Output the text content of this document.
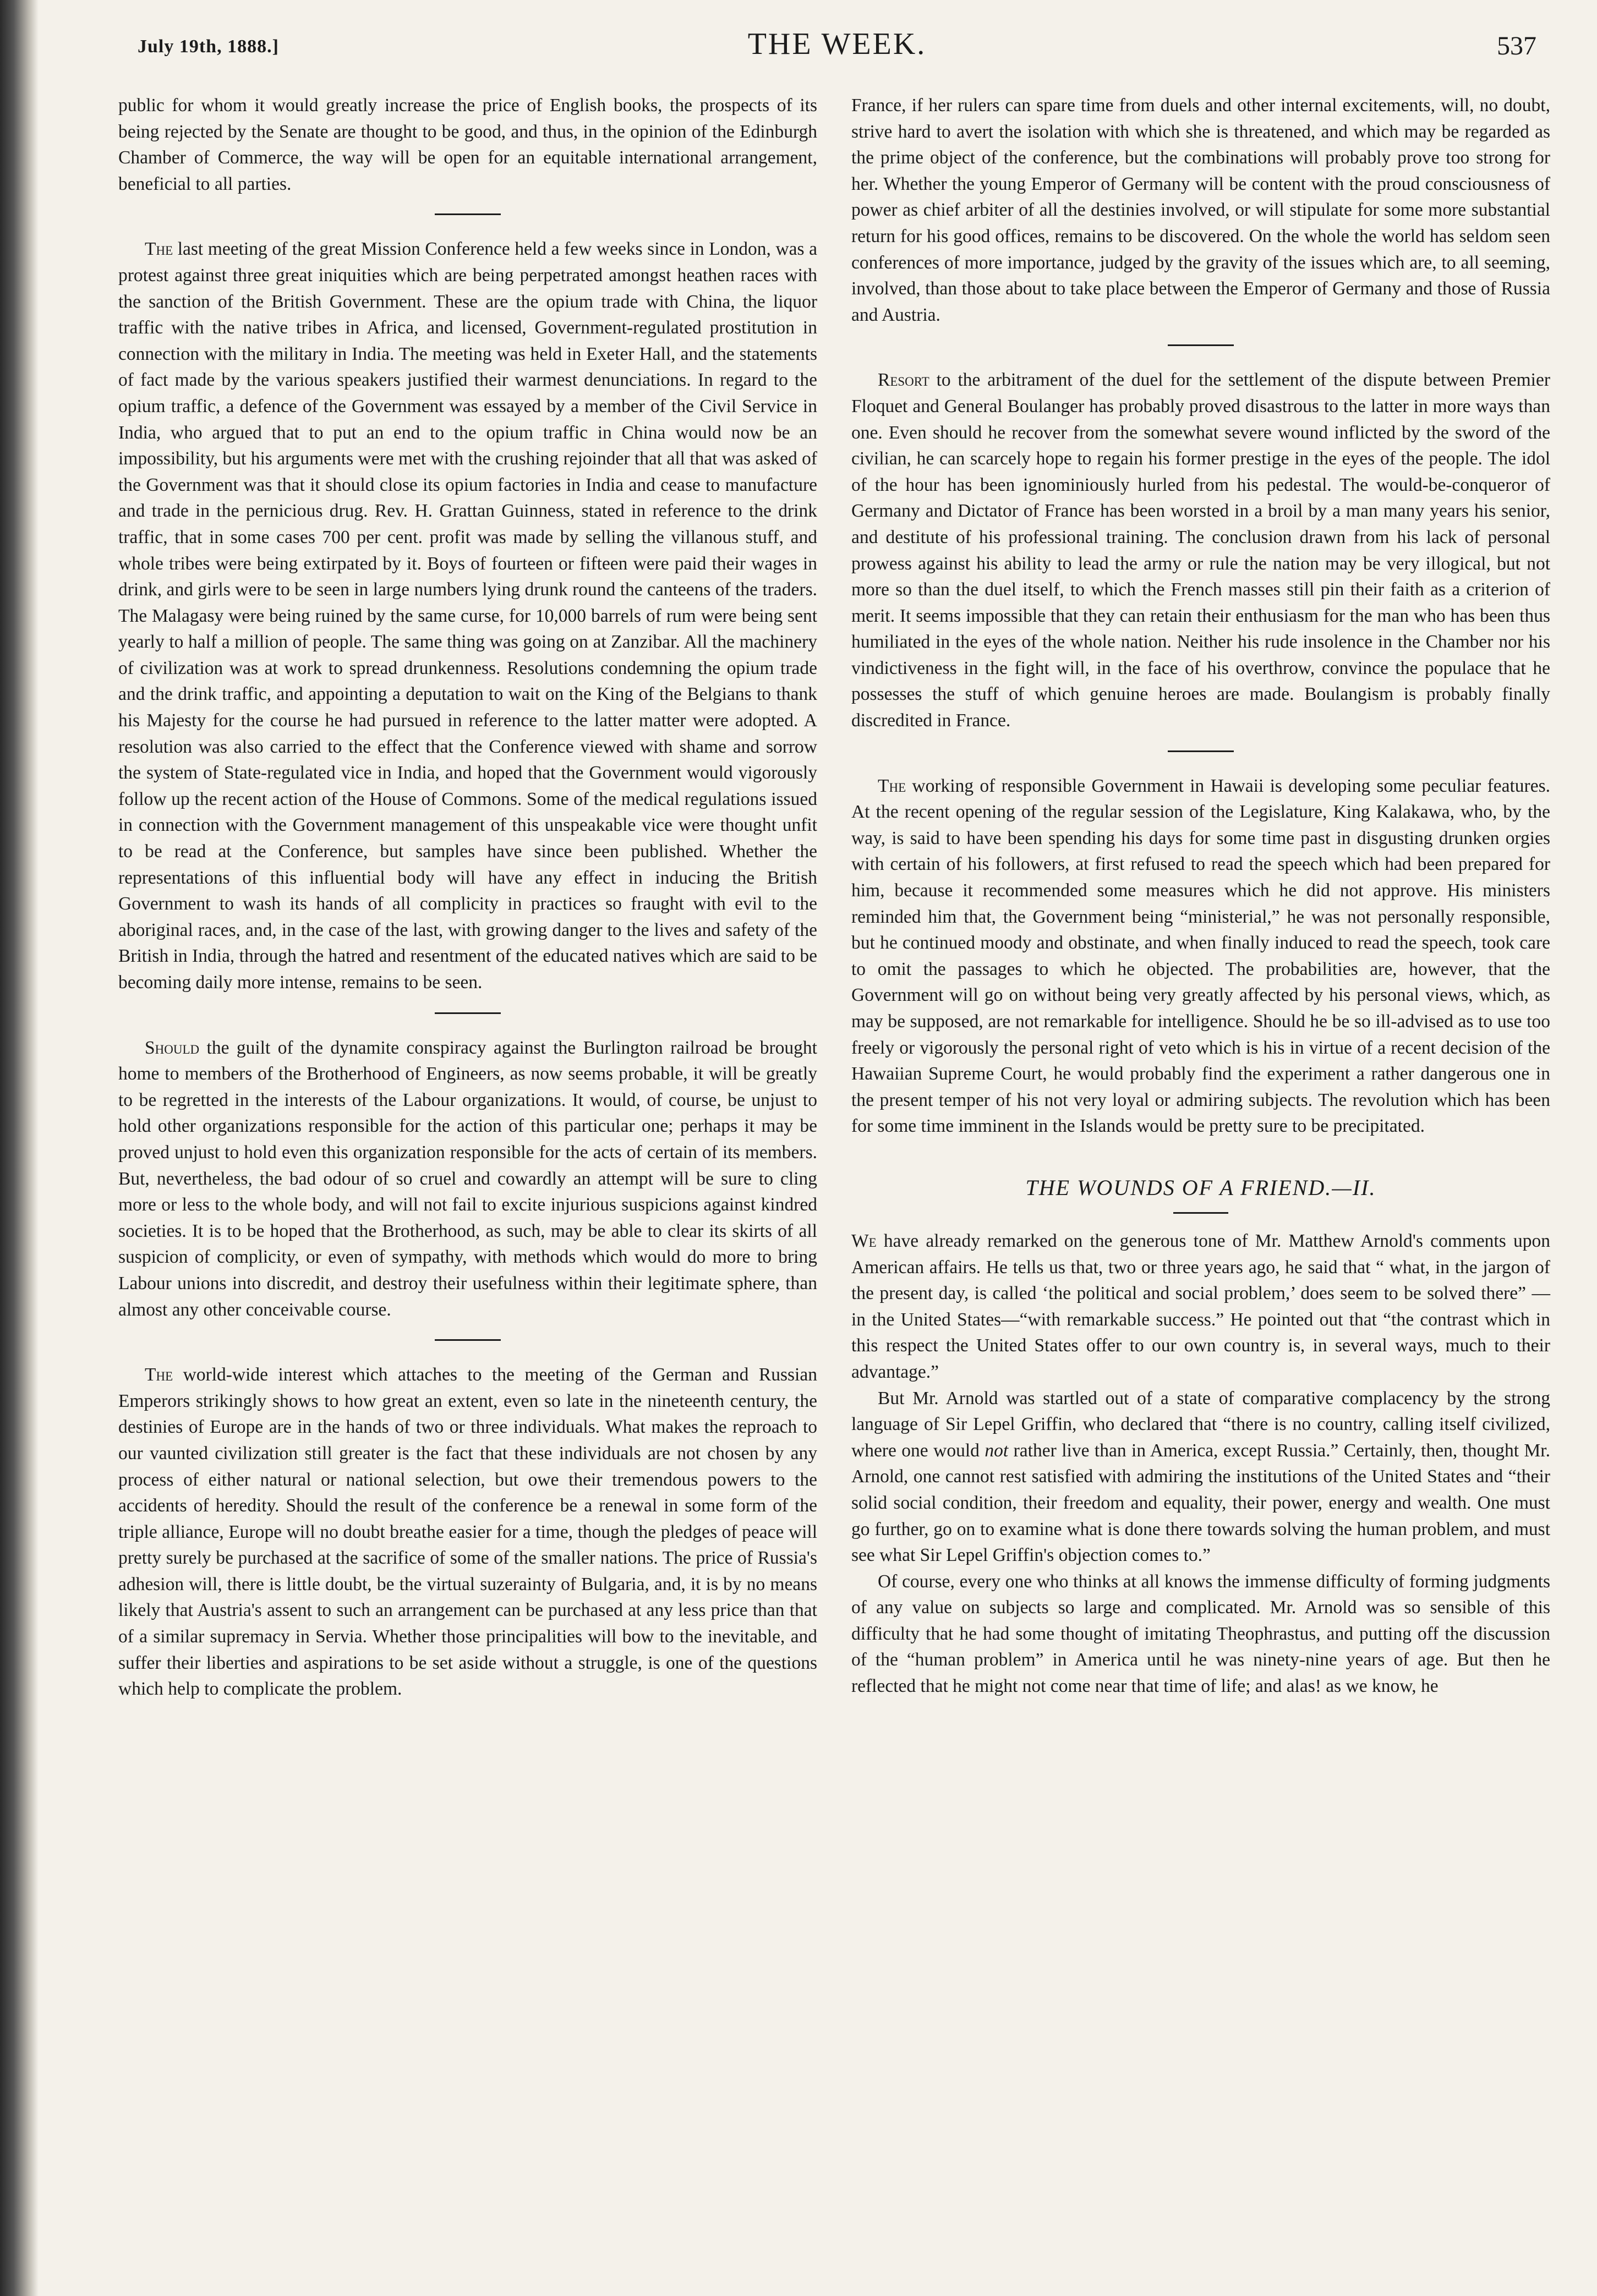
July 19th, 1888.]	THE WEEK.	537

public for whom it would greatly increase the price of English books, the prospects of its being rejected by the Senate are thought to be good, and thus, in the opinion of the Edinburgh Chamber of Commerce, the way will be open for an equitable international arrangement, beneficial to all parties.

The last meeting of the great Mission Conference held a few weeks since in London, was a protest against three great iniquities which are being perpetrated amongst heathen races with the sanction of the British Government. These are the opium trade with China, the liquor traffic with the native tribes in Africa, and licensed, Government-regulated prostitution in connection with the military in India. The meeting was held in Exeter Hall, and the statements of fact made by the various speakers justified their warmest denunciations. In regard to the opium traffic, a defence of the Government was essayed by a member of the Civil Service in India, who argued that to put an end to the opium traffic in China would now be an impossibility, but his arguments were met with the crushing rejoinder that all that was asked of the Government was that it should close its opium factories in India and cease to manufacture and trade in the pernicious drug. Rev. H. Grattan Guinness, stated in reference to the drink traffic, that in some cases 700 per cent. profit was made by selling the villanous stuff, and whole tribes were being extirpated by it. Boys of fourteen or fifteen were paid their wages in drink, and girls were to be seen in large numbers lying drunk round the canteens of the traders. The Malagasy were being ruined by the same curse, for 10,000 barrels of rum were being sent yearly to half a million of people. The same thing was going on at Zanzibar. All the machinery of civilization was at work to spread drunkenness. Resolutions condemning the opium trade and the drink traffic, and appointing a deputation to wait on the King of the Belgians to thank his Majesty for the course he had pursued in reference to the latter matter were adopted. A resolution was also carried to the effect that the Conference viewed with shame and sorrow the system of State-regulated vice in India, and hoped that the Government would vigorously follow up the recent action of the House of Commons. Some of the medical regulations issued in connection with the Government management of this unspeakable vice were thought unfit to be read at the Conference, but samples have since been published. Whether the representations of this influential body will have any effect in inducing the British Government to wash its hands of all complicity in practices so fraught with evil to the aboriginal races, and, in the case of the last, with growing danger to the lives and safety of the British in India, through the hatred and resentment of the educated natives which are said to be becoming daily more intense, remains to be seen.

Should the guilt of the dynamite conspiracy against the Burlington railroad be brought home to members of the Brotherhood of Engineers, as now seems probable, it will be greatly to be regretted in the interests of the Labour organizations. It would, of course, be unjust to hold other organizations responsible for the action of this particular one; perhaps it may be proved unjust to hold even this organization responsible for the acts of certain of its members. But, nevertheless, the bad odour of so cruel and cowardly an attempt will be sure to cling more or less to the whole body, and will not fail to excite injurious suspicions against kindred societies. It is to be hoped that the Brotherhood, as such, may be able to clear its skirts of all suspicion of complicity, or even of sympathy, with methods which would do more to bring Labour unions into discredit, and destroy their usefulness within their legitimate sphere, than almost any other conceivable course.

The world-wide interest which attaches to the meeting of the German and Russian Emperors strikingly shows to how great an extent, even so late in the nineteenth century, the destinies of Europe are in the hands of two or three individuals. What makes the reproach to our vaunted civilization still greater is the fact that these individuals are not chosen by any process of either natural or national selection, but owe their tremendous powers to the accidents of heredity. Should the result of the conference be a renewal in some form of the triple alliance, Europe will no doubt breathe easier for a time, though the pledges of peace will pretty surely be purchased at the sacrifice of some of the smaller nations. The price of Russia's adhesion will, there is little doubt, be the virtual suzerainty of Bulgaria, and, it is by no means likely that Austria's assent to such an arrangement can be purchased at any less price than that of a similar supremacy in Servia. Whether those principalities will bow to the inevitable, and suffer their liberties and aspirations to be set aside without a struggle, is one of the questions which help to complicate the problem.

France, if her rulers can spare time from duels and other internal excitements, will, no doubt, strive hard to avert the isolation with which she is threatened, and which may be regarded as the prime object of the conference, but the combinations will probably prove too strong for her. Whether the young Emperor of Germany will be content with the proud consciousness of power as chief arbiter of all the destinies involved, or will stipulate for some more substantial return for his good offices, remains to be discovered. On the whole the world has seldom seen conferences of more importance, judged by the gravity of the issues which are, to all seeming, involved, than those about to take place between the Emperor of Germany and those of Russia and Austria.

Resort to the arbitrament of the duel for the settlement of the dispute between Premier Floquet and General Boulanger has probably proved disastrous to the latter in more ways than one. Even should he recover from the somewhat severe wound inflicted by the sword of the civilian, he can scarcely hope to regain his former prestige in the eyes of the people. The idol of the hour has been ignominiously hurled from his pedestal. The would-be-conqueror of Germany and Dictator of France has been worsted in a broil by a man many years his senior, and destitute of his professional training. The conclusion drawn from his lack of personal prowess against his ability to lead the army or rule the nation may be very illogical, but not more so than the duel itself, to which the French masses still pin their faith as a criterion of merit. It seems impossible that they can retain their enthusiasm for the man who has been thus humiliated in the eyes of the whole nation. Neither his rude insolence in the Chamber nor his vindictiveness in the fight will, in the face of his overthrow, convince the populace that he possesses the stuff of which genuine heroes are made. Boulangism is probably finally discredited in France.

The working of responsible Government in Hawaii is developing some peculiar features. At the recent opening of the regular session of the Legislature, King Kalakawa, who, by the way, is said to have been spending his days for some time past in disgusting drunken orgies with certain of his followers, at first refused to read the speech which had been prepared for him, because it recommended some measures which he did not approve. His ministers reminded him that, the Government being “ministerial,” he was not personally responsible, but he continued moody and obstinate, and when finally induced to read the speech, took care to omit the passages to which he objected. The probabilities are, however, that the Government will go on without being very greatly affected by his personal views, which, as may be supposed, are not remarkable for intelligence. Should he be so ill-advised as to use too freely or vigorously the personal right of veto which is his in virtue of a recent decision of the Hawaiian Supreme Court, he would probably find the experiment a rather dangerous one in the present temper of his not very loyal or admiring subjects. The revolution which has been for some time imminent in the Islands would be pretty sure to be precipitated.

THE WOUNDS OF A FRIEND.—II.

We have already remarked on the generous tone of Mr. Matthew Arnold's comments upon American affairs. He tells us that, two or three years ago, he said that “ what, in the jargon of the present day, is called ‘the political and social problem,’ does seem to be solved there” — in the United States—“with remarkable success.” He pointed out that “the contrast which in this respect the United States offer to our own country is, in several ways, much to their advantage.”

But Mr. Arnold was startled out of a state of comparative complacency by the strong language of Sir Lepel Griffin, who declared that “there is no country, calling itself civilized, where one would not rather live than in America, except Russia.” Certainly, then, thought Mr. Arnold, one cannot rest satisfied with admiring the institutions of the United States and “their solid social condition, their freedom and equality, their power, energy and wealth. One must go further, go on to examine what is done there towards solving the human problem, and must see what Sir Lepel Griffin's objection comes to.”

Of course, every one who thinks at all knows the immense difficulty of forming judgments of any value on subjects so large and complicated. Mr. Arnold was so sensible of this difficulty that he had some thought of imitating Theophrastus, and putting off the discussion of the “human problem” in America until he was ninety-nine years of age. But then he reflected that he might not come near that time of life; and alas! as we know, he
